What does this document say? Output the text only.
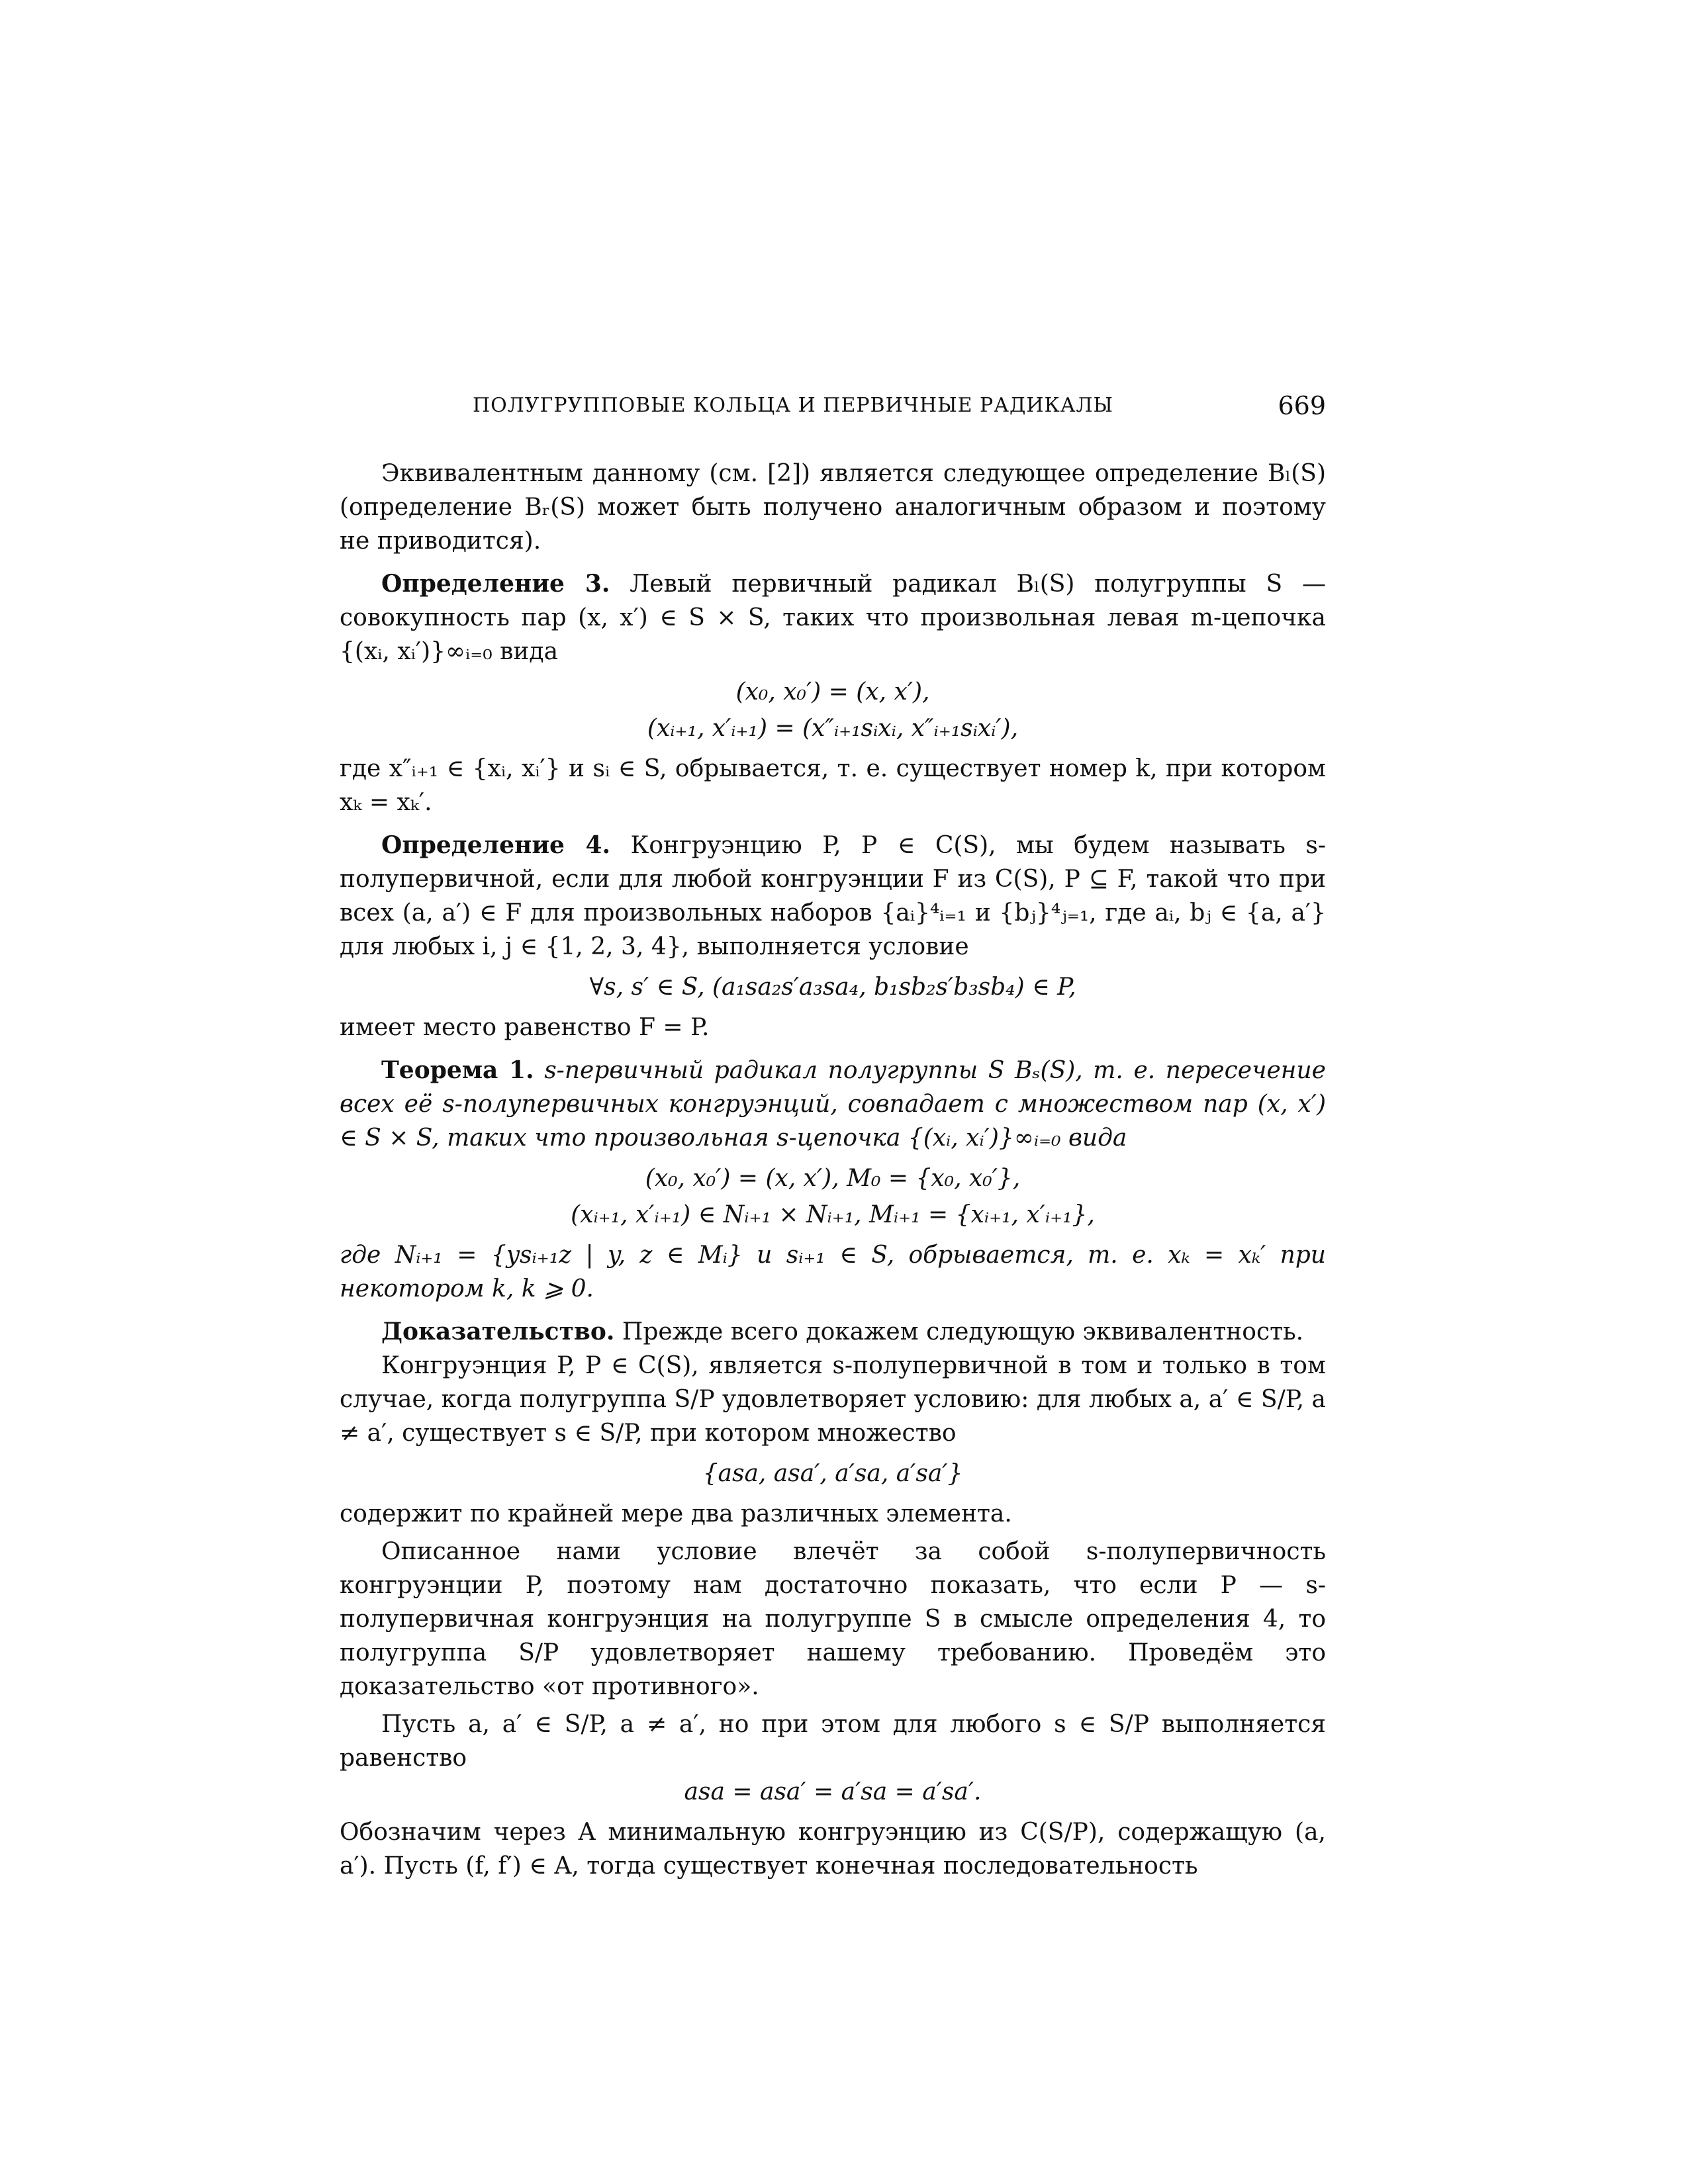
ПОЛУГРУППОВЫЕ КОЛЬЦА И ПЕРВИЧНЫЕ РАДИКАЛЫ	669

Эквивалентным данному (см. [2]) является следующее определение Bₗ(S) (определение Bᵣ(S) может быть получено аналогичным образом и поэтому не приводится).

Определение 3. Левый первичный радикал Bₗ(S) полугруппы S — совокупность пар (x, x′) ∈ S × S, таких что произвольная левая m-цепочка {(xᵢ, xᵢ′)}∞ᵢ₌₀ вида

(x₀, x₀′) = (x, x′),
(xᵢ₊₁, x′ᵢ₊₁) = (x″ᵢ₊₁sᵢxᵢ, x″ᵢ₊₁sᵢxᵢ′),

где x″ᵢ₊₁ ∈ {xᵢ, xᵢ′} и sᵢ ∈ S, обрывается, т. е. существует номер k, при котором xₖ = xₖ′.

Определение 4. Конгруэнцию P, P ∈ C(S), мы будем называть s-полупервичной, если для любой конгруэнции F из C(S), P ⊆ F, такой что при всех (a, a′) ∈ F для произвольных наборов {aᵢ}⁴ᵢ₌₁ и {bⱼ}⁴ⱼ₌₁, где aᵢ, bⱼ ∈ {a, a′} для любых i, j ∈ {1, 2, 3, 4}, выполняется условие

∀s, s′ ∈ S, (a₁sa₂s′a₃sa₄, b₁sb₂s′b₃sb₄) ∈ P,

имеет место равенство F = P.

Теорема 1. s-первичный радикал полугруппы S Bₛ(S), т. е. пересечение всех её s-полупервичных конгруэнций, совпадает с множеством пар (x, x′) ∈ S × S, таких что произвольная s-цепочка {(xᵢ, xᵢ′)}∞ᵢ₌₀ вида

(x₀, x₀′) = (x, x′), M₀ = {x₀, x₀′},
(xᵢ₊₁, x′ᵢ₊₁) ∈ Nᵢ₊₁ × Nᵢ₊₁, Mᵢ₊₁ = {xᵢ₊₁, x′ᵢ₊₁},

где Nᵢ₊₁ = {ysᵢ₊₁z | y, z ∈ Mᵢ} и sᵢ₊₁ ∈ S, обрывается, т. е. xₖ = xₖ′ при некотором k, k ⩾ 0.

Доказательство. Прежде всего докажем следующую эквивалентность.

Конгруэнция P, P ∈ C(S), является s-полупервичной в том и только в том случае, когда полугруппа S/P удовлетворяет условию: для любых a, a′ ∈ S/P, a ≠ a′, существует s ∈ S/P, при котором множество

{asa, asa′, a′sa, a′sa′}

содержит по крайней мере два различных элемента.

Описанное нами условие влечёт за собой s-полупервичность конгруэнции P, поэтому нам достаточно показать, что если P — s-полупервичная конгруэнция на полугруппе S в смысле определения 4, то полугруппа S/P удовлетворяет нашему требованию. Проведём это доказательство «от противного».

Пусть a, a′ ∈ S/P, a ≠ a′, но при этом для любого s ∈ S/P выполняется равенство

asa = asa′ = a′sa = a′sa′.

Обозначим через A минимальную конгруэнцию из C(S/P), содержащую (a, a′). Пусть (f, f′) ∈ A, тогда существует конечная последовательность
